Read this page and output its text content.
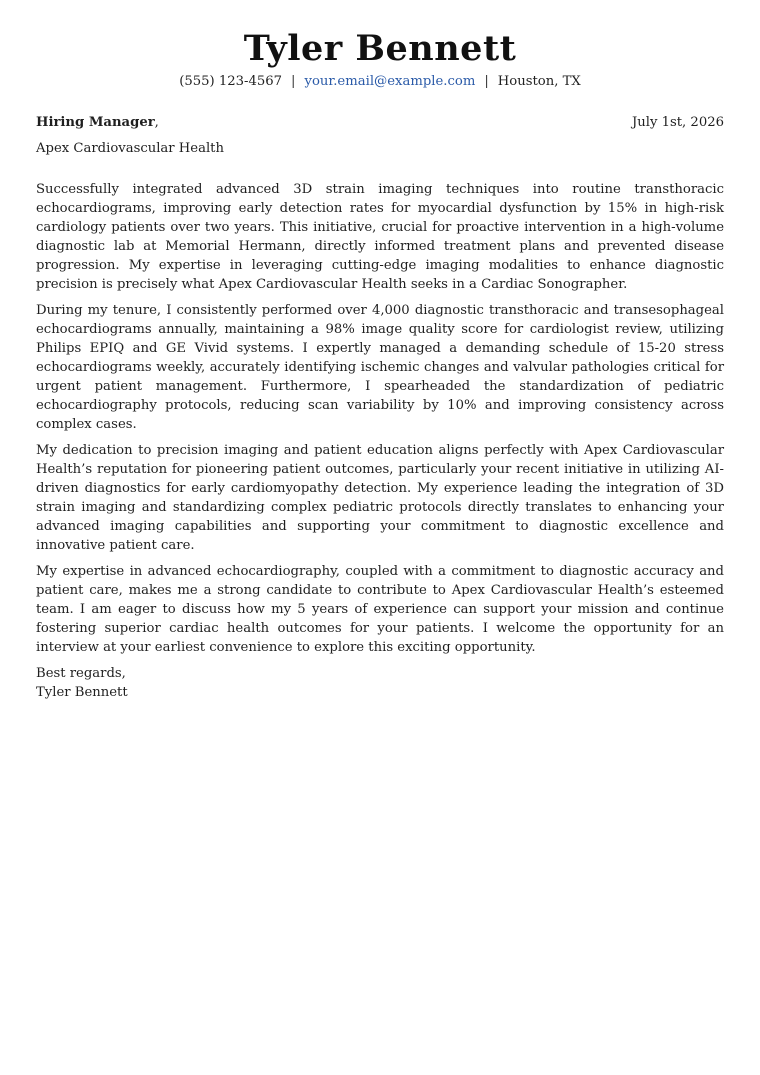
Tyler Bennett
(555) 123-4567 | your.email@example.com | Houston, TX
Hiring Manager,	July 1st, 2026
Apex Cardiovascular Health

Successfully integrated advanced 3D strain imaging techniques into routine transthoracic echocardiograms, improving early detection rates for myocardial dysfunction by 15% in high-risk cardiology patients over two years. This initiative, crucial for proactive intervention in a high-volume diagnostic lab at Memorial Hermann, directly informed treatment plans and prevented disease progression. My expertise in leveraging cutting-edge imaging modalities to enhance diagnostic precision is precisely what Apex Cardiovascular Health seeks in a Cardiac Sonographer.

During my tenure, I consistently performed over 4,000 diagnostic transthoracic and transesophageal echocardiograms annually, maintaining a 98% image quality score for cardiologist review, utilizing Philips EPIQ and GE Vivid systems. I expertly managed a demanding schedule of 15-20 stress echocardiograms weekly, accurately identifying ischemic changes and valvular pathologies critical for urgent patient management. Furthermore, I spearheaded the standardization of pediatric echocardiography protocols, reducing scan variability by 10% and improving consistency across complex cases.

My dedication to precision imaging and patient education aligns perfectly with Apex Cardiovascular Health’s reputation for pioneering patient outcomes, particularly your recent initiative in utilizing AI-driven diagnostics for early cardiomyopathy detection. My experience leading the integration of 3D strain imaging and standardizing complex pediatric protocols directly translates to enhancing your advanced imaging capabilities and supporting your commitment to diagnostic excellence and innovative patient care.

My expertise in advanced echocardiography, coupled with a commitment to diagnostic accuracy and patient care, makes me a strong candidate to contribute to Apex Cardiovascular Health’s esteemed team. I am eager to discuss how my 5 years of experience can support your mission and continue fostering superior cardiac health outcomes for your patients. I welcome the opportunity for an interview at your earliest convenience to explore this exciting opportunity.

Best regards,
Tyler Bennett
